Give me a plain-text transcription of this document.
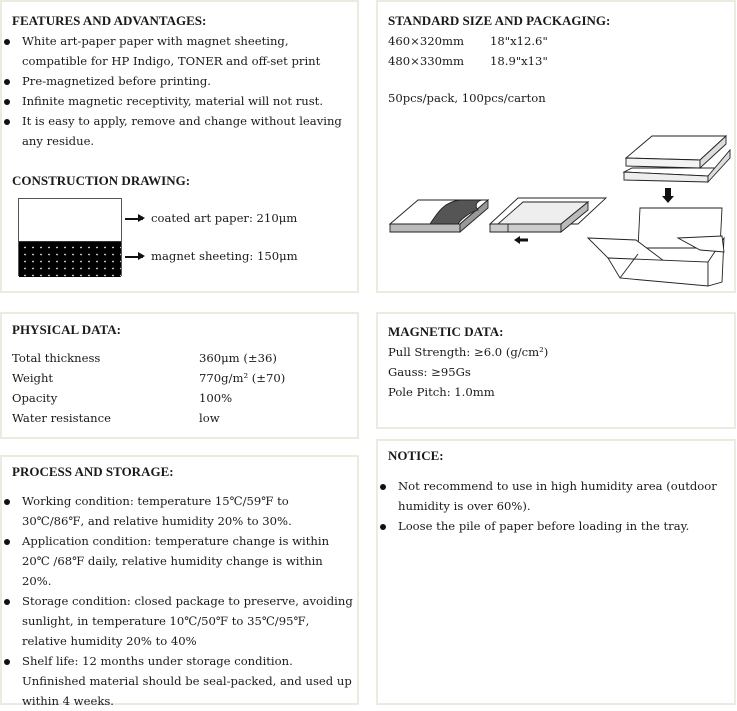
FEATURES AND ADVANTAGES:
White art-paper paper with magnet sheeting, compatible for HP Indigo, TONER and off-set print
Pre-magnetized before printing.
Infinite magnetic receptivity, material will not rust.
It is easy to apply, remove and change without leaving any residue.
CONSTRUCTION DRAWING:
coated art paper: 210μm
magnet sheeting: 150μm
STANDARD SIZE AND PACKAGING:
460×320mm 18"x12.6"
480×330mm 18.9"x13"
50pcs/pack, 100pcs/carton
PHYSICAL DATA:
Total thickness	360μm (±36)
Weight	770g/m² (±70)
Opacity	100%
Water resistance	low
MAGNETIC DATA:
Pull Strength: ≥6.0 (g/cm²)
Gauss: ≥95Gs
Pole Pitch: 1.0mm
PROCESS AND STORAGE:
Working condition: temperature 15℃/59℉ to 30℃/86℉, and relative humidity 20% to 30%.
Application condition: temperature change is within 20℃ /68℉ daily, relative humidity change is within 20%.
Storage condition: closed package to preserve, avoiding sunlight, in temperature 10℃/50℉ to 35℃/95℉, relative humidity 20% to 40%
Shelf life: 12 months under storage condition. Unfinished material should be seal-packed, and used up within 4 weeks.
NOTICE:
Not recommend to use in high humidity area (outdoor humidity is over 60%).
Loose the pile of paper before loading in the tray.
